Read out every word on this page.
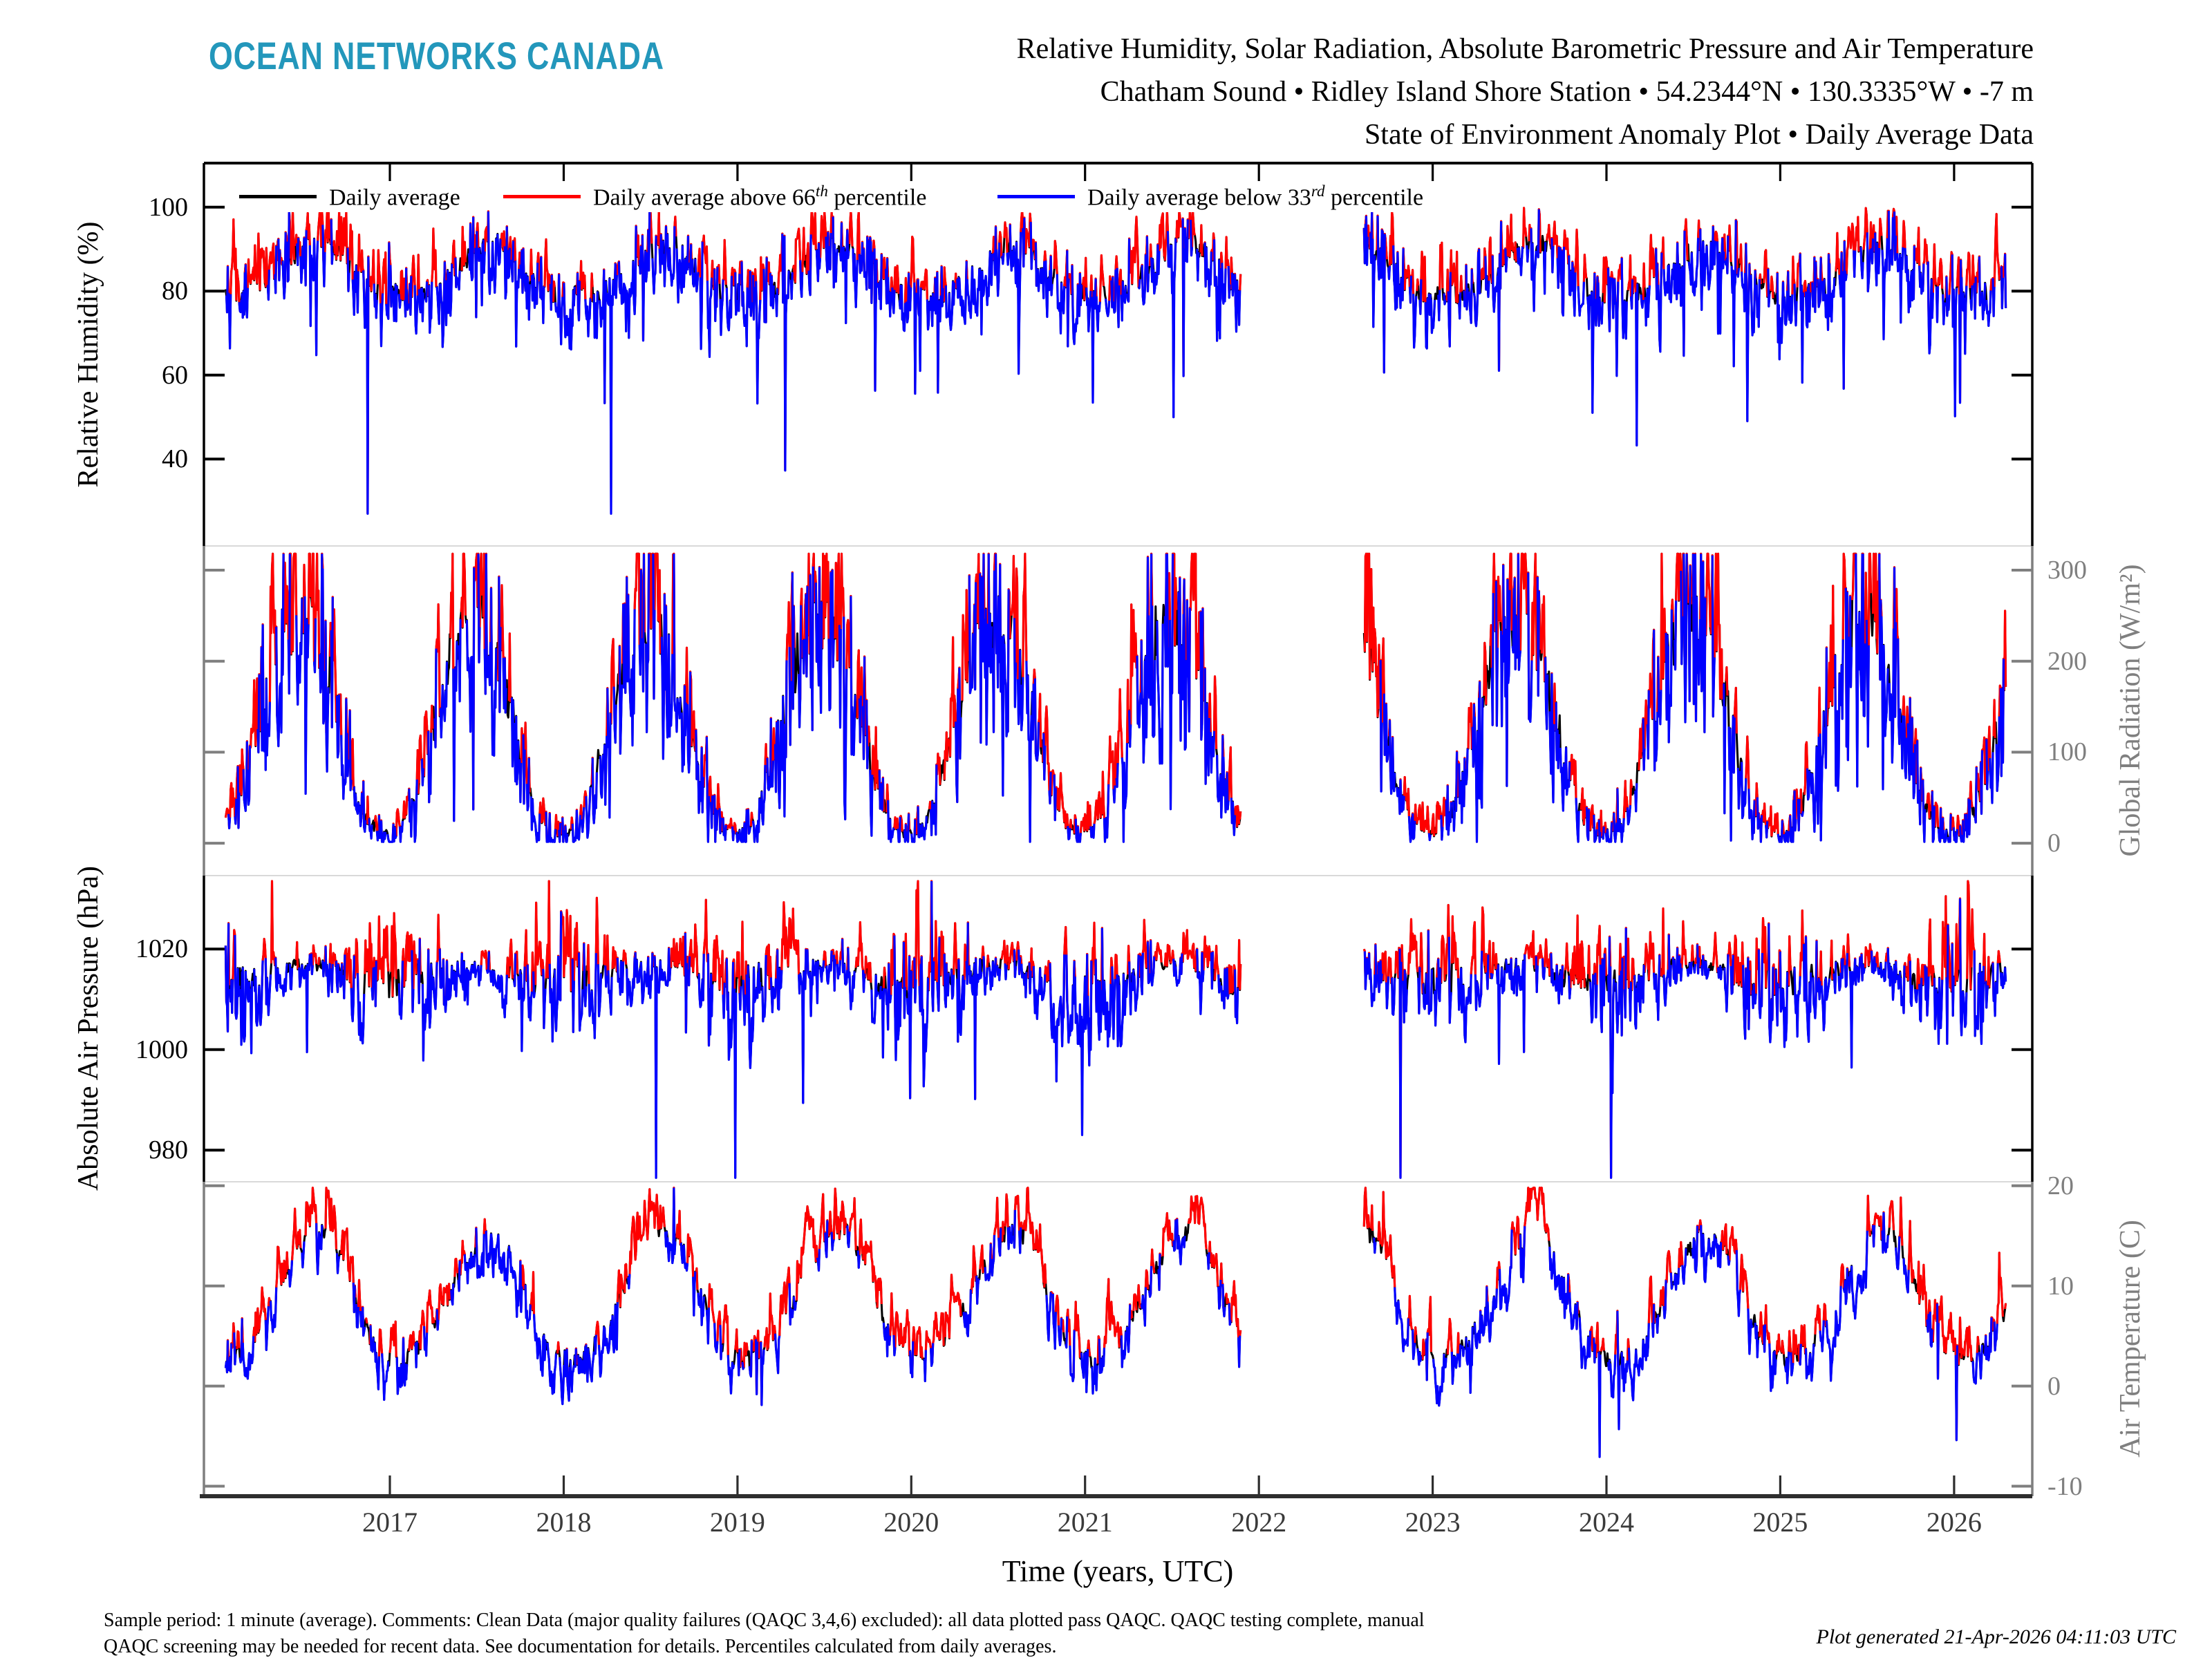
OCEAN NETWORKS CANADA	Relative Humidity, Solar Radiation, Absolute Barometric Pressure and Air Temperature
Chatham Sound • Ridley Island Shore Station • 54.2344°N • 130.3335°W • -7 m
State of Environment Anomaly Plot • Daily Average Data
Daily average	Daily average above 66th percentile	Daily average below 33rd percentile
40
60
80
100
0
100
200
300
980
1000
1020
-10
0
10
20
2017	2018	2019	2020	2021	2022	2023	2024	2025	2026
Relative Humidity (%)
Global Radiation (W/m²)
Absolute Air Pressure (hPa)
Air Temperature (C)
Time (years, UTC)
Sample period: 1 minute (average). Comments: Clean Data (major quality failures (QAQC 3,4,6) excluded): all data plotted pass QAQC. QAQC testing complete, manual
QAQC screening may be needed for recent data. See documentation for details. Percentiles calculated from daily averages.	Plot generated 21-Apr-2026 04:11:03 UTC
